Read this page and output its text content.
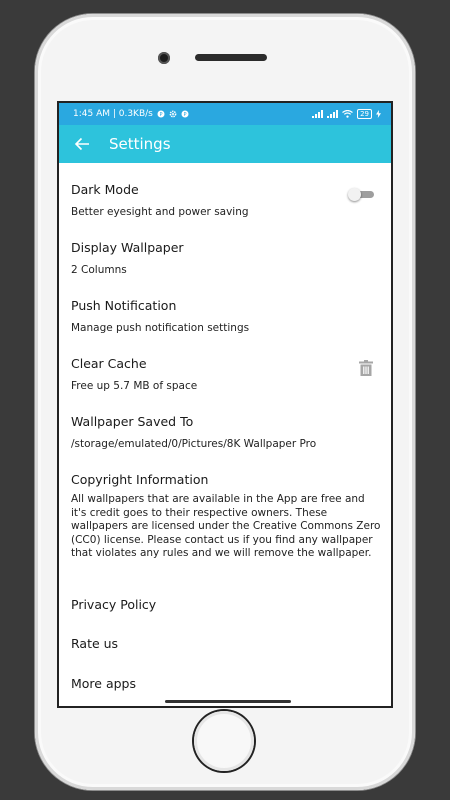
1:45 AM | 0.3KB/s P	P	29
Settings
Dark Mode
Better eyesight and power saving
Display Wallpaper
2 Columns
Push Notification
Manage push notification settings
Clear Cache
Free up 5.7 MB of space
Wallpaper Saved To
/storage/emulated/0/Pictures/8K Wallpaper Pro
Copyright Information
All wallpapers that are available in the App are free and it's credit goes to their respective owners. These wallpapers are licensed under the Creative Commons Zero (CC0) license. Please contact us if you find any wallpaper that violates any rules and we will remove the wallpaper.
Privacy Policy
Rate us
More apps
